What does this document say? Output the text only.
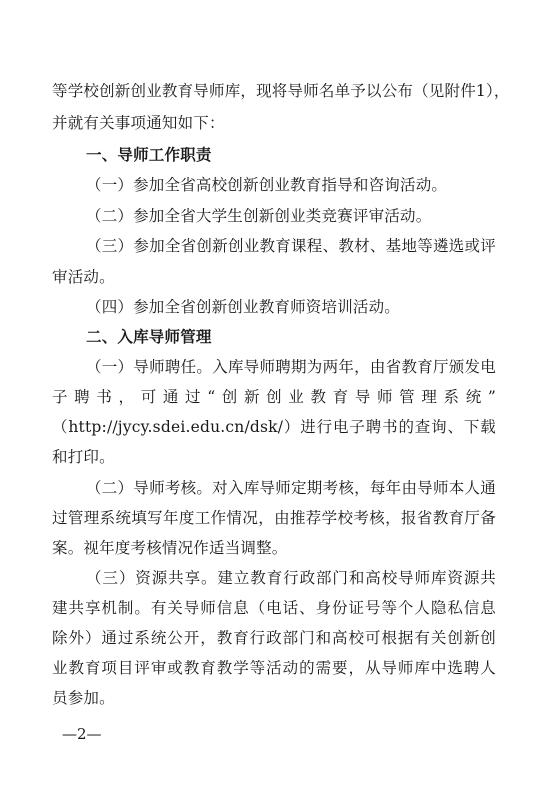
等学校创新创业教育导师库，现将导师名单予以公布（见附件1），
并就有关事项通知如下：
一、导师工作职责
（一）参加全省高校创新创业教育指导和咨询活动。
（二）参加全省大学生创新创业类竞赛评审活动。
（三）参加全省创新创业教育课程、教材、基地等遴选或评
审活动。
（四）参加全省创新创业教育师资培训活动。
二、入库导师管理
（一）导师聘任。入库导师聘期为两年，由省教育厅颁发电
子聘书，可通过“创新创业教育导师管理系统”
（http://jycy.sdei.edu.cn/dsk/）进行电子聘书的查询、下载
和打印。
（二）导师考核。对入库导师定期考核，每年由导师本人通
过管理系统填写年度工作情况，由推荐学校考核，报省教育厅备
案。视年度考核情况作适当调整。
（三）资源共享。建立教育行政部门和高校导师库资源共
建共享机制。有关导师信息（电话、身份证号等个人隐私信息
除外）通过系统公开，教育行政部门和高校可根据有关创新创
业教育项目评审或教育教学等活动的需要，从导师库中选聘人
员参加。
—2—
